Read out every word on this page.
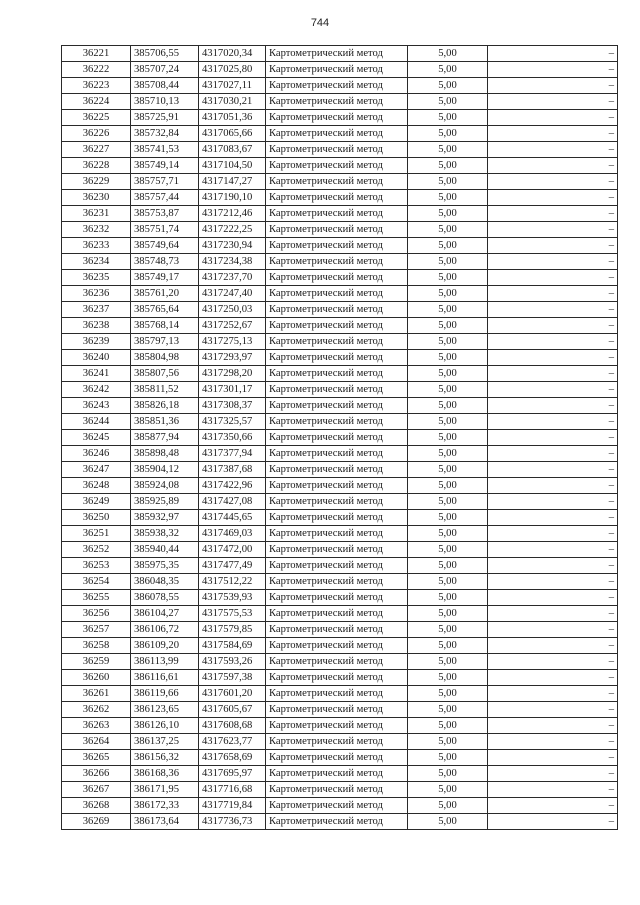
744
36221	385706,55	4317020,34	Картометрический метод	5,00	–
36222	385707,24	4317025,80	Картометрический метод	5,00	–
36223	385708,44	4317027,11	Картометрический метод	5,00	–
36224	385710,13	4317030,21	Картометрический метод	5,00	–
36225	385725,91	4317051,36	Картометрический метод	5,00	–
36226	385732,84	4317065,66	Картометрический метод	5,00	–
36227	385741,53	4317083,67	Картометрический метод	5,00	–
36228	385749,14	4317104,50	Картометрический метод	5,00	–
36229	385757,71	4317147,27	Картометрический метод	5,00	–
36230	385757,44	4317190,10	Картометрический метод	5,00	–
36231	385753,87	4317212,46	Картометрический метод	5,00	–
36232	385751,74	4317222,25	Картометрический метод	5,00	–
36233	385749,64	4317230,94	Картометрический метод	5,00	–
36234	385748,73	4317234,38	Картометрический метод	5,00	–
36235	385749,17	4317237,70	Картометрический метод	5,00	–
36236	385761,20	4317247,40	Картометрический метод	5,00	–
36237	385765,64	4317250,03	Картометрический метод	5,00	–
36238	385768,14	4317252,67	Картометрический метод	5,00	–
36239	385797,13	4317275,13	Картометрический метод	5,00	–
36240	385804,98	4317293,97	Картометрический метод	5,00	–
36241	385807,56	4317298,20	Картометрический метод	5,00	–
36242	385811,52	4317301,17	Картометрический метод	5,00	–
36243	385826,18	4317308,37	Картометрический метод	5,00	–
36244	385851,36	4317325,57	Картометрический метод	5,00	–
36245	385877,94	4317350,66	Картометрический метод	5,00	–
36246	385898,48	4317377,94	Картометрический метод	5,00	–
36247	385904,12	4317387,68	Картометрический метод	5,00	–
36248	385924,08	4317422,96	Картометрический метод	5,00	–
36249	385925,89	4317427,08	Картометрический метод	5,00	–
36250	385932,97	4317445,65	Картометрический метод	5,00	–
36251	385938,32	4317469,03	Картометрический метод	5,00	–
36252	385940,44	4317472,00	Картометрический метод	5,00	–
36253	385975,35	4317477,49	Картометрический метод	5,00	–
36254	386048,35	4317512,22	Картометрический метод	5,00	–
36255	386078,55	4317539,93	Картометрический метод	5,00	–
36256	386104,27	4317575,53	Картометрический метод	5,00	–
36257	386106,72	4317579,85	Картометрический метод	5,00	–
36258	386109,20	4317584,69	Картометрический метод	5,00	–
36259	386113,99	4317593,26	Картометрический метод	5,00	–
36260	386116,61	4317597,38	Картометрический метод	5,00	–
36261	386119,66	4317601,20	Картометрический метод	5,00	–
36262	386123,65	4317605,67	Картометрический метод	5,00	–
36263	386126,10	4317608,68	Картометрический метод	5,00	–
36264	386137,25	4317623,77	Картометрический метод	5,00	–
36265	386156,32	4317658,69	Картометрический метод	5,00	–
36266	386168,36	4317695,97	Картометрический метод	5,00	–
36267	386171,95	4317716,68	Картометрический метод	5,00	–
36268	386172,33	4317719,84	Картометрический метод	5,00	–
36269	386173,64	4317736,73	Картометрический метод	5,00	–
